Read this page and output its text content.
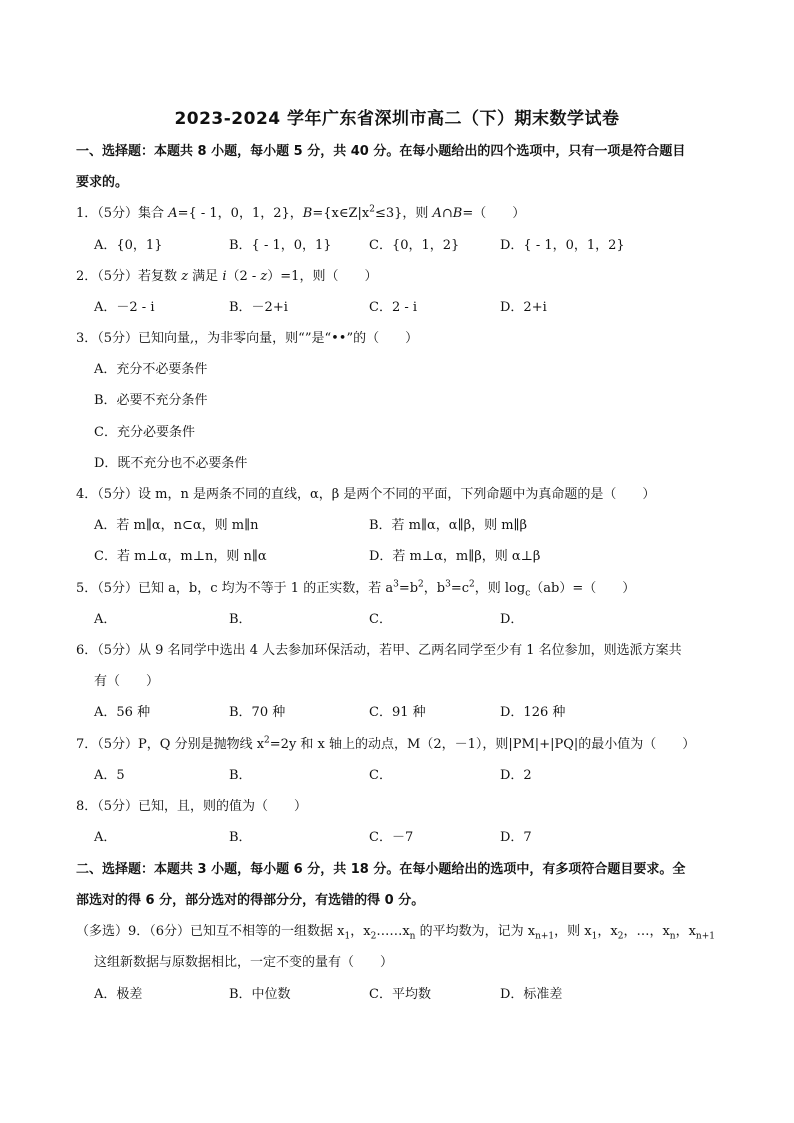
2023-2024 学年广东省深圳市高二（下）期末数学试卷
一、选择题：本题共 8 小题，每小题 5 分，共 40 分。在每小题给出的四个选项中，只有一项是符合题目
要求的。
1．（5分）集合 A={ - 1，0，1，2}，$B=\{x\in Z|x^2\le 3\}$，则 A∩B=（　　）
A．{0，1}	B．{ - 1，0，1}	C．{0，1，2}	D．{ - 1，0，1，2}
2．（5分）若复数 z 满足 i（2 - z）=1，则（　　）
A．－2 - i	B．－2+i	C．2 - i	D．2+i
3．（5分）已知向量,，为非零向量，则“”是“••”的（　　）
A．充分不必要条件
B．必要不充分条件
C．充分必要条件
D．既不充分也不必要条件
4．（5分）设 m，n 是两条不同的直线，α，β 是两个不同的平面，下列命题中为真命题的是（　　）
A．若 m∥α，n⊂α，则 m∥n	B．若 m∥α，α∥β，则 m∥β
C．若 m⊥α，m⊥n，则 n∥α	D．若 m⊥α，m∥β，则 α⊥β
5．（5分）已知 a，b，c 均为不等于 1 的正实数，若 $a^3=b^2$，$b^3=c^2$，则 $\log_c(ab)=$（　　）
A．	B．	C．	D．
6．（5分）从 9 名同学中选出 4 人去参加环保活动，若甲、乙两名同学至少有 1 名位参加，则选派方案共
有（　　）
A．56 种	B．70 种	C．91 种	D．126 种
7．（5分）P，Q 分别是抛物线 $x^2=2y$ 和 x 轴上的动点，M（2，－1），则|PM|+|PQ|的最小值为（　　）
A．5	B．	C．	D．2
8．（5分）已知，且，则的值为（　　）
A．	B．	C．－7	D．7
二、选择题：本题共 3 小题，每小题 6 分，共 18 分。在每小题给出的选项中，有多项符合题目要求。全
部选对的得 6 分，部分选对的得部分分，有选错的得 0 分。
（多选）9．（6分）已知互不相等的一组数据 $x_1$，$x_2\dots\dots x_n$ 的平均数为，记为 $x_{n+1}$，则 $x_1$，$x_2$，…，$x_n$，$x_{n+1}$
这组新数据与原数据相比，一定不变的量有（　　）
A．极差	B．中位数	C．平均数	D．标准差
